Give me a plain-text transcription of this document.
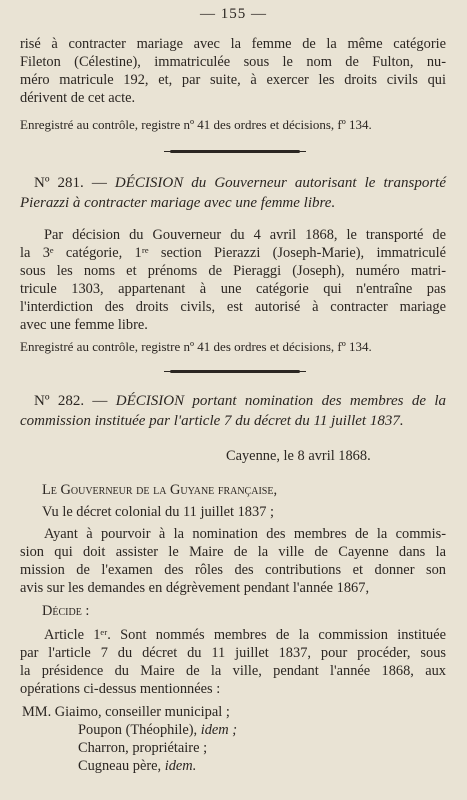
— 155 —
risé à contracter mariage avec la femme de la même catégorie
Fileton (Célestine), immatriculée sous le nom de Fulton, nu-
méro matricule 192, et, par suite, à exercer les droits civils qui
dérivent de cet acte.
Enregistré au contrôle, registre nº 41 des ordres et décisions, fº 134.
Nº 281. — DÉCISION du Gouverneur autorisant le transporté
Pierazzi à contracter mariage avec une femme libre.
Par décision du Gouverneur du 4 avril 1868, le transporté de
la 3ᵉ catégorie, 1ʳᵉ section Pierazzi (Joseph-Marie), immatriculé
sous les noms et prénoms de Pieraggi (Joseph), numéro matri-
tricule 1303, appartenant à une catégorie qui n'entraîne pas
l'interdiction des droits civils, est autorisé à contracter mariage
avec une femme libre.
Enregistré au contrôle, registre nº 41 des ordres et décisions, fº 134.
Nº 282. — DÉCISION portant nomination des membres de la
commission instituée par l'article 7 du décret du 11 juillet 1837.
Cayenne, le 8 avril 1868.
Le Gouverneur de la Guyane française,
Vu le décret colonial du 11 juillet 1837 ;
Ayant à pourvoir à la nomination des membres de la commis-
sion qui doit assister le Maire de la ville de Cayenne dans la
mission de l'examen des rôles des contributions et donner son
avis sur les demandes en dégrèvement pendant l'année 1867,
Décide :
Article 1ᵉʳ. Sont nommés membres de la commission instituée
par l'article 7 du décret du 11 juillet 1837, pour procéder, sous
la présidence du Maire de la ville, pendant l'année 1868, aux
opérations ci-dessus mentionnées :
MM. Giaimo, conseiller municipal ;
Poupon (Théophile), idem ;
Charron, propriétaire ;
Cugneau père, idem.
